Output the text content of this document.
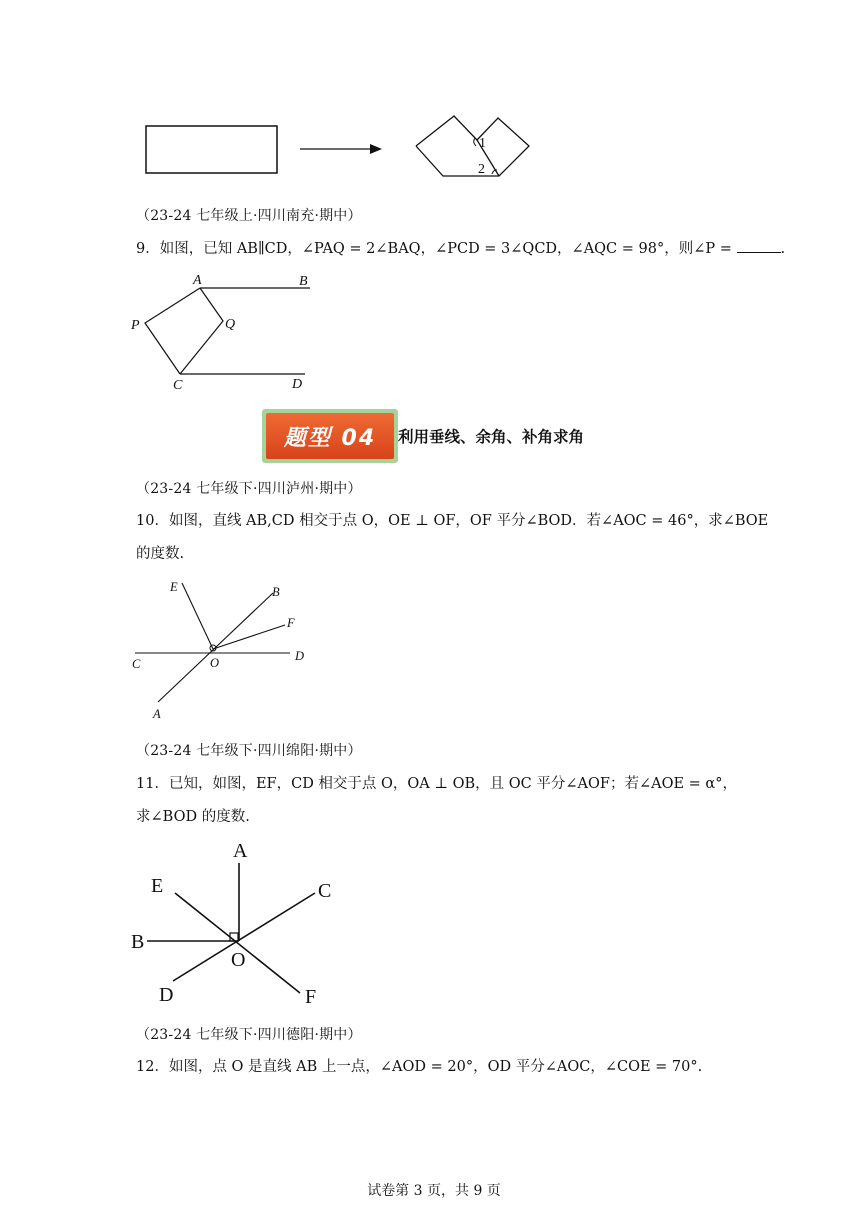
1
2
（23-24 七年级上·四川南充·期中）
9．如图，已知 AB∥CD，∠PAQ = 2∠BAQ，∠PCD = 3∠QCD，∠AQC = 98°，则∠P =	.
A	B
P	Q
C	D
题型 04	利用垂线、余角、补角求角
（23-24 七年级下·四川泸州·期中）
10．如图，直线 AB,CD 相交于点 O，OE ⊥ OF，OF 平分∠BOD．若∠AOC = 46°，求∠BOE
的度数.
E	B
F
C	O	D
A
（23-24 七年级下·四川绵阳·期中）
11．已知，如图，EF，CD 相交于点 O，OA ⊥ OB，且 OC 平分∠AOF；若∠AOE = α°，
求∠BOD 的度数.
A
E	C
B
O
D	F
（23-24 七年级下·四川德阳·期中）
12．如图，点 O 是直线 AB 上一点，∠AOD = 20°，OD 平分∠AOC，∠COE = 70°.
试卷第 3 页，共 9 页
